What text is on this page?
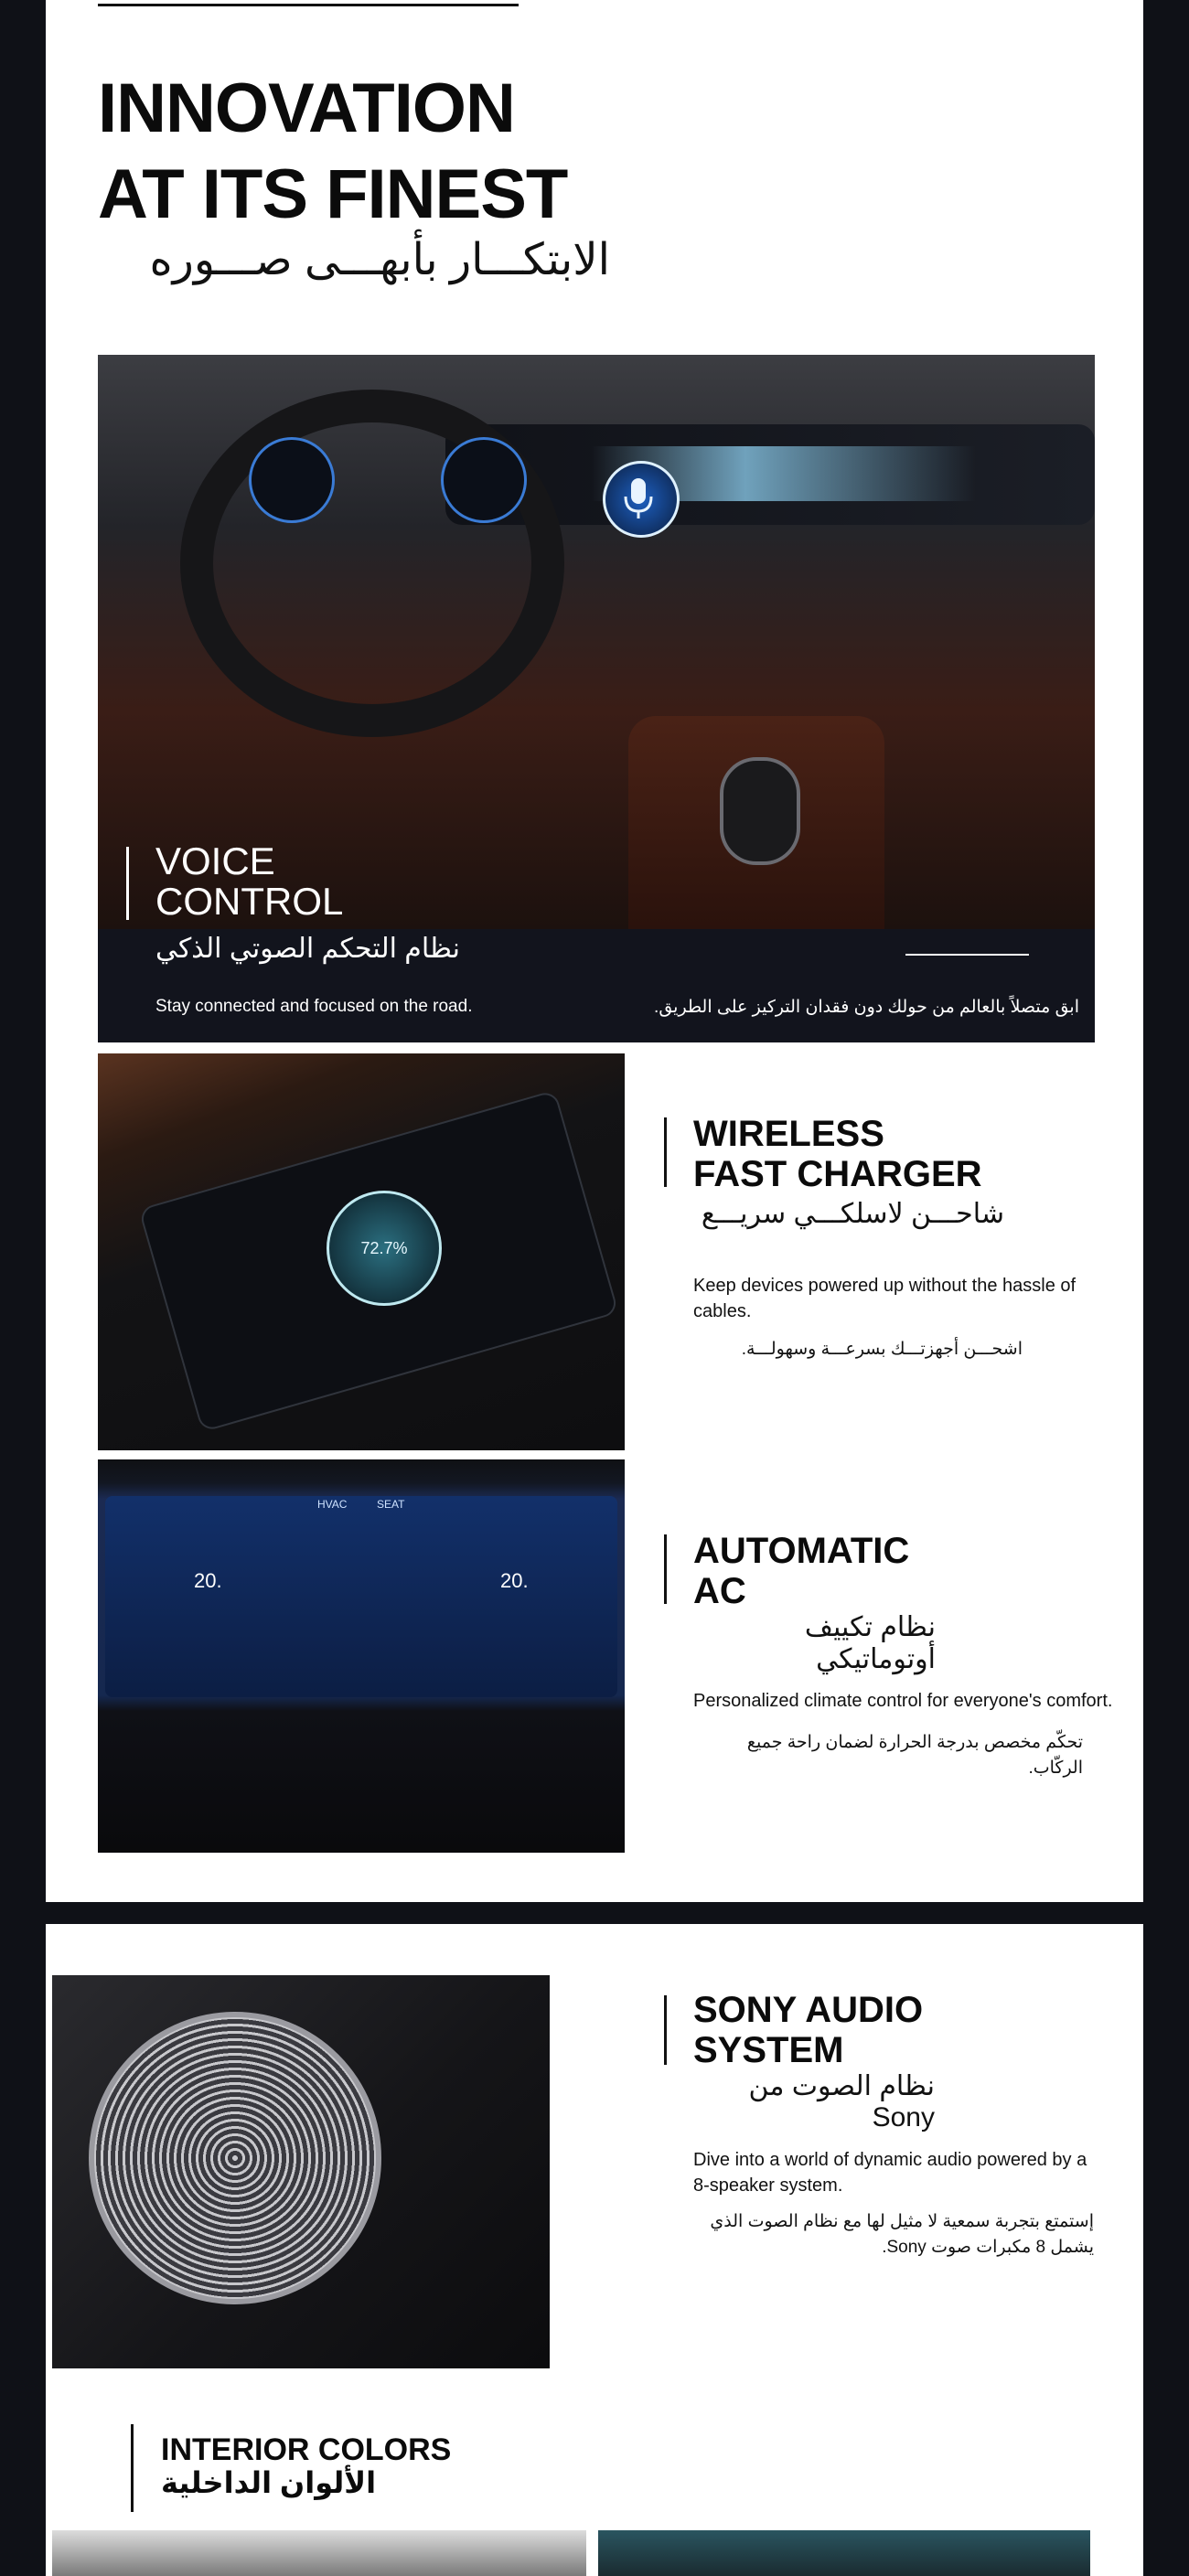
INNOVATION
AT ITS FINEST
الابتكـــار بأبهـــى صـــوره
VOICE
CONTROL
نظام التحكم الصوتي الذكي
Stay connected and focused on the road.	ابق متصلاً بالعالم من حولك دون فقدان التركيز على الطريق.
72.7%
WIRELESS
FAST CHARGER
شاحـــن لاسلكـــي سريـــع
Keep devices powered up without the hassle of cables.
اشحـــن أجهزتـــك بسرعـــة وسهولـــة.
HVAC	SEAT
20.	20.
AUTOMATIC
AC
نظام تكييف أوتوماتيكي
Personalized climate control for everyone's comfort.
تحكّم مخصص بدرجة الحرارة لضمان راحة جميع الركّاب.
SONY AUDIO
SYSTEM
نظام الصوت من Sony
Dive into a world of dynamic audio powered by a 8-speaker system.
إستمتع بتجربة سمعية لا مثيل لها مع نظام الصوت الذي يشمل 8 مكبرات صوت Sony.
INTERIOR COLORS
الألوان الداخلية
